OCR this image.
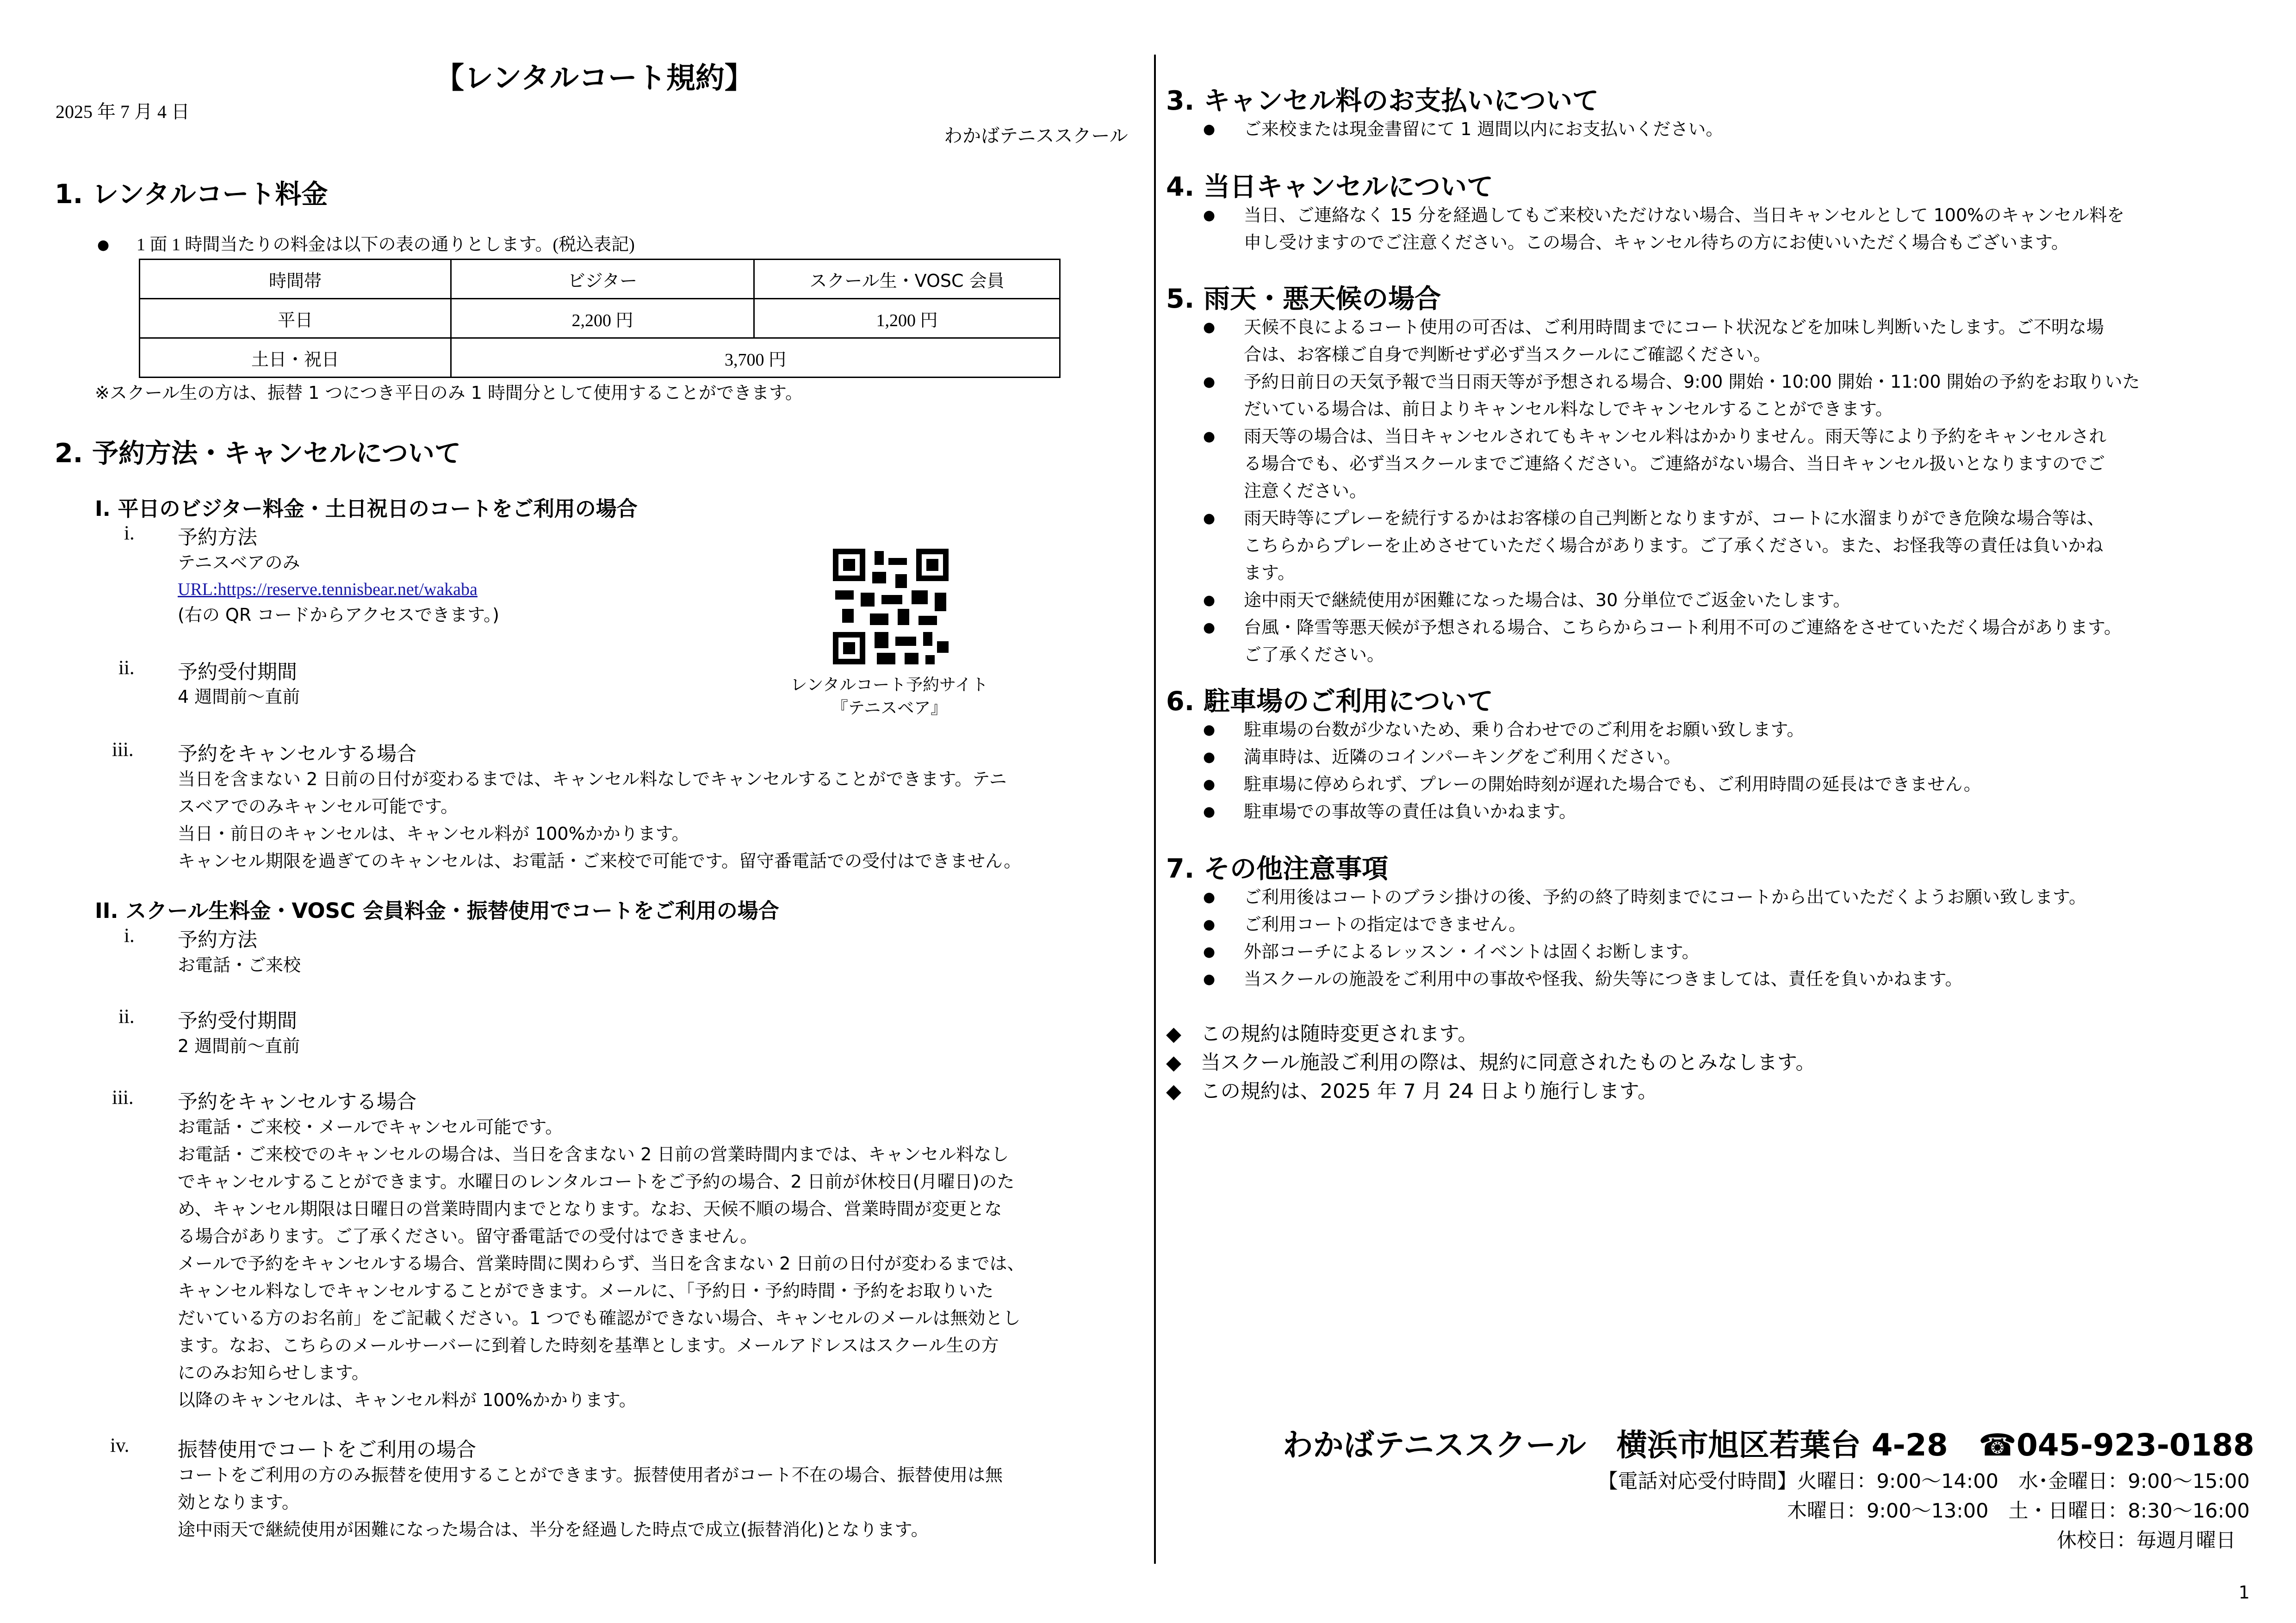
【レンタルコート規約】
2025 年 7 月 4 日
わかばテニススクール
1. レンタルコート料金
● 1 面 1 時間当たりの料金は以下の表の通りとします。(税込表記)
時間帯	ビジター	スクール生・VOSC 会員
平日	2,200 円	1,200 円
土日・祝日	3,700 円	
※スクール生の方は、振替 1 つにつき平日のみ 1 時間分として使用することができます。
2. 予約方法・キャンセルについて
I. 平日のビジター料金・土日祝日のコートをご利用の場合
i. 予約方法
テニスベアのみ
URL:https://reserve.tennisbear.net/wakaba
(右の QR コードからアクセスできます。)
レンタルコート予約サイト
『テニスベア』
ii. 予約受付期間
4 週間前〜直前
iii. 予約をキャンセルする場合
当日を含まない 2 日前の日付が変わるまでは、キャンセル料なしでキャンセルすることができます。テニ
スベアでのみキャンセル可能です。
当日・前日のキャンセルは、キャンセル料が 100%かかります。
キャンセル期限を過ぎてのキャンセルは、お電話・ご来校で可能です。留守番電話での受付はできません。
II. スクール生料金・VOSC 会員料金・振替使用でコートをご利用の場合
i. 予約方法
お電話・ご来校
ii. 予約受付期間
2 週間前〜直前
iii. 予約をキャンセルする場合
お電話・ご来校・メールでキャンセル可能です。
お電話・ご来校でのキャンセルの場合は、当日を含まない 2 日前の営業時間内までは、キャンセル料なし
でキャンセルすることができます。水曜日のレンタルコートをご予約の場合、2 日前が休校日(月曜日)のた
め、キャンセル期限は日曜日の営業時間内までとなります。なお、天候不順の場合、営業時間が変更とな
る場合があります。ご了承ください。留守番電話での受付はできません。
メールで予約をキャンセルする場合、営業時間に関わらず、当日を含まない 2 日前の日付が変わるまでは、
キャンセル料なしでキャンセルすることができます。メールに、「予約日・予約時間・予約をお取りいた
だいている方のお名前」をご記載ください。1 つでも確認ができない場合、キャンセルのメールは無効とし
ます。なお、こちらのメールサーバーに到着した時刻を基準とします。メールアドレスはスクール生の方
にのみお知らせします。
以降のキャンセルは、キャンセル料が 100%かかります。
iv. 振替使用でコートをご利用の場合
コートをご利用の方のみ振替を使用することができます。振替使用者がコート不在の場合、振替使用は無
効となります。
途中雨天で継続使用が困難になった場合は、半分を経過した時点で成立(振替消化)となります。
3. キャンセル料のお支払いについて
● ご来校または現金書留にて 1 週間以内にお支払いください。
4. 当日キャンセルについて
● 当日、ご連絡なく 15 分を経過してもご来校いただけない場合、当日キャンセルとして 100%のキャンセル料を
申し受けますのでご注意ください。この場合、キャンセル待ちの方にお使いいただく場合もございます。
5. 雨天・悪天候の場合
● 天候不良によるコート使用の可否は、ご利用時間までにコート状況などを加味し判断いたします。ご不明な場
合は、お客様ご自身で判断せず必ず当スクールにご確認ください。
● 予約日前日の天気予報で当日雨天等が予想される場合、9:00 開始・10:00 開始・11:00 開始の予約をお取りいた
だいている場合は、前日よりキャンセル料なしでキャンセルすることができます。
● 雨天等の場合は、当日キャンセルされてもキャンセル料はかかりません。雨天等により予約をキャンセルされ
る場合でも、必ず当スクールまでご連絡ください。ご連絡がない場合、当日キャンセル扱いとなりますのでご
注意ください。
● 雨天時等にプレーを続行するかはお客様の自己判断となりますが、コートに水溜まりができ危険な場合等は、
こちらからプレーを止めさせていただく場合があります。ご了承ください。また、お怪我等の責任は負いかね
ます。
● 途中雨天で継続使用が困難になった場合は、30 分単位でご返金いたします。
● 台風・降雪等悪天候が予想される場合、こちらからコート利用不可のご連絡をさせていただく場合があります。
ご了承ください。
6. 駐車場のご利用について
● 駐車場の台数が少ないため、乗り合わせでのご利用をお願い致します。
● 満車時は、近隣のコインパーキングをご利用ください。
● 駐車場に停められず、プレーの開始時刻が遅れた場合でも、ご利用時間の延長はできません。
● 駐車場での事故等の責任は負いかねます。
7. その他注意事項
● ご利用後はコートのブラシ掛けの後、予約の終了時刻までにコートから出ていただくようお願い致します。
● ご利用コートの指定はできません。
● 外部コーチによるレッスン・イベントは固くお断します。
● 当スクールの施設をご利用中の事故や怪我、紛失等につきましては、責任を負いかねます。
◆ この規約は随時変更されます。
◆ 当スクール施設ご利用の際は、規約に同意されたものとみなします。
◆ この規約は、2025 年 7 月 24 日より施行します。
わかばテニススクール　横浜市旭区若葉台 4-28　☎045-923-0188
【電話対応受付時間】火曜日：9:00〜14:00　水･金曜日：9:00〜15:00
木曜日：9:00〜13:00　土・日曜日：8:30〜16:00
休校日：毎週月曜日
1
